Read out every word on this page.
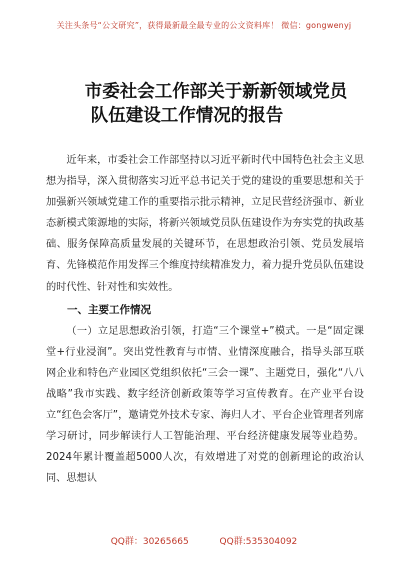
关注头条号“公文研究”，获得最新最全最专业的公文资料库！ 微信：gongwenyj
市委社会工作部关于新新领域党员
队伍建设工作情况的报告

近年来，市委社会工作部坚持以习近平新时代中国特色社会主义思想为指导，深入贯彻落实习近平总书记关于党的建设的重要思想和关于加强新兴领域党建工作的重要指示批示精神，立足民营经济强市、新业态新模式策源地的实际，将新兴领域党员队伍建设作为夯实党的执政基础、服务保障高质量发展的关键环节，在思想政治引领、党员发展培育、先锋模范作用发挥三个维度持续精准发力，着力提升党员队伍建设的时代性、针对性和实效性。

一、主要工作情况

（一）立足思想政治引领，打造“三个课堂+”模式。一是“固定课堂+行业浸润”。突出党性教育与市情、业情深度融合，指导头部互联网企业和特色产业园区党组织依托“三会一课”、主题党日，强化“八八战略”我市实践、数字经济创新政策等学习宣传教育。在产业平台设立“红色会客厅”，邀请党外技术专家、海归人才、平台企业管理者列席学习研讨，同步解读行人工智能治理、平台经济健康发展等业趋势。2024年累计覆盖超5000人次，有效增进了对党的创新理论的政治认同、思想认

QQ群：30265665	QQ群:535304092
